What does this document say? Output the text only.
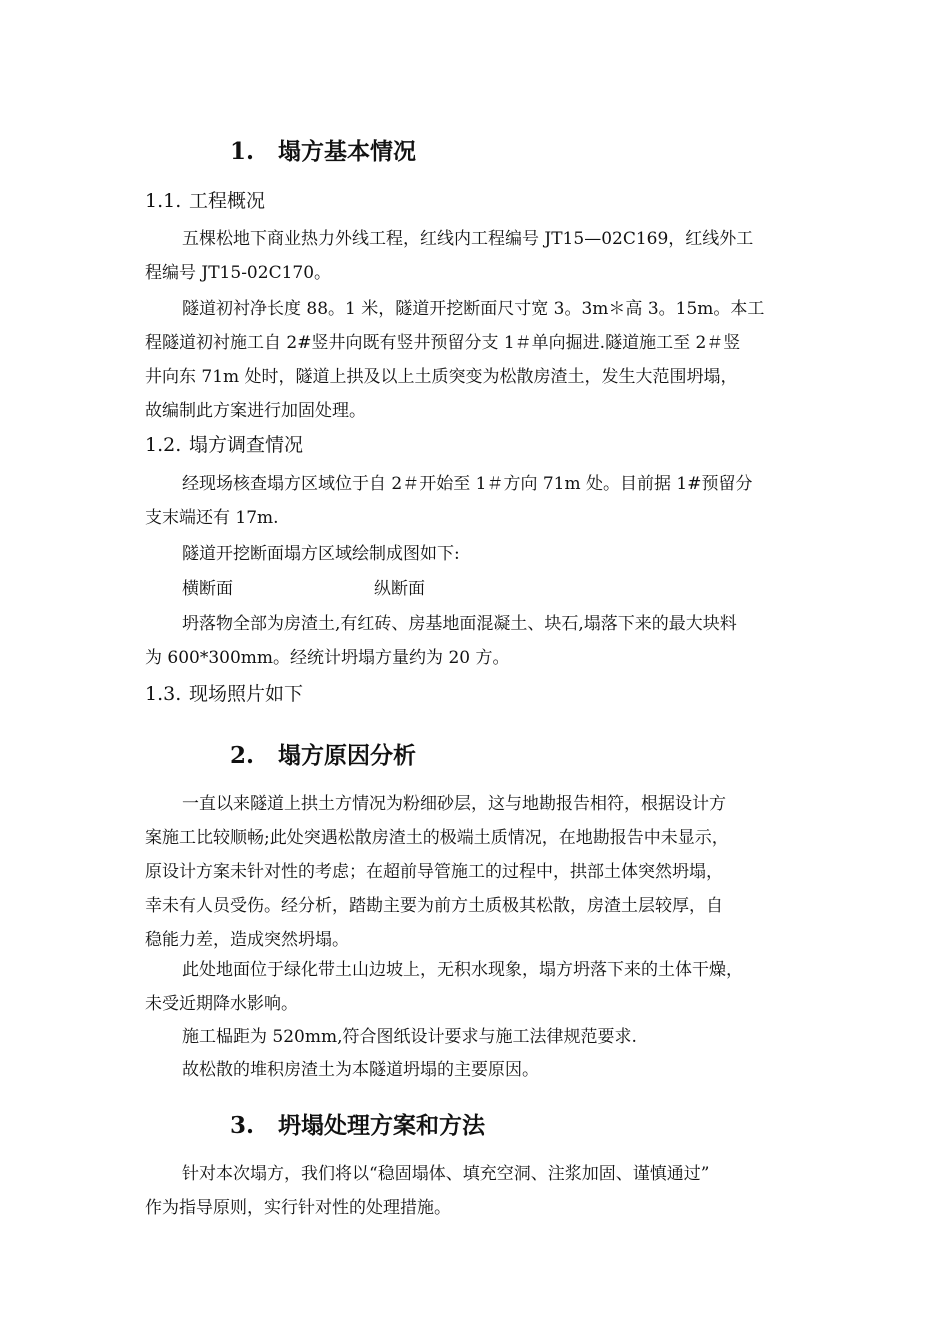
1. 塌方基本情况
1.1. 工程概况
五棵松地下商业热力外线工程，红线内工程编号 JT15—02C169，红线外工
程编号 JT15-02C170。
隧道初衬净长度 88。1 米，隧道开挖断面尺寸宽 3。3m＊高 3。15m。本工
程隧道初衬施工自 2#竖井向既有竖井预留分支 1＃单向掘进.隧道施工至 2＃竖
井向东 71m 处时，隧道上拱及以上土质突变为松散房渣土，发生大范围坍塌，
故编制此方案进行加固处理。
1.2. 塌方调查情况
经现场核查塌方区域位于自 2＃开始至 1＃方向 71m 处。目前据 1#预留分
支末端还有 17m.
隧道开挖断面塌方区域绘制成图如下:
横断面	纵断面
坍落物全部为房渣土,有红砖、房基地面混凝土、块石,塌落下来的最大块料
为 600*300mm。经统计坍塌方量约为 20 方。
1.3. 现场照片如下
2. 塌方原因分析
一直以来隧道上拱土方情况为粉细砂层，这与地勘报告相符，根据设计方
案施工比较顺畅;此处突遇松散房渣土的极端土质情况，在地勘报告中未显示，
原设计方案未针对性的考虑；在超前导管施工的过程中，拱部土体突然坍塌，
幸未有人员受伤。经分析，踏勘主要为前方土质极其松散，房渣土层较厚，自
稳能力差，造成突然坍塌。
此处地面位于绿化带土山边坡上，无积水现象，塌方坍落下来的土体干燥，
未受近期降水影响。
施工榀距为 520mm,符合图纸设计要求与施工法律规范要求.
故松散的堆积房渣土为本隧道坍塌的主要原因。
3. 坍塌处理方案和方法
针对本次塌方，我们将以“稳固塌体、填充空洞、注浆加固、谨慎通过”
作为指导原则，实行针对性的处理措施。
